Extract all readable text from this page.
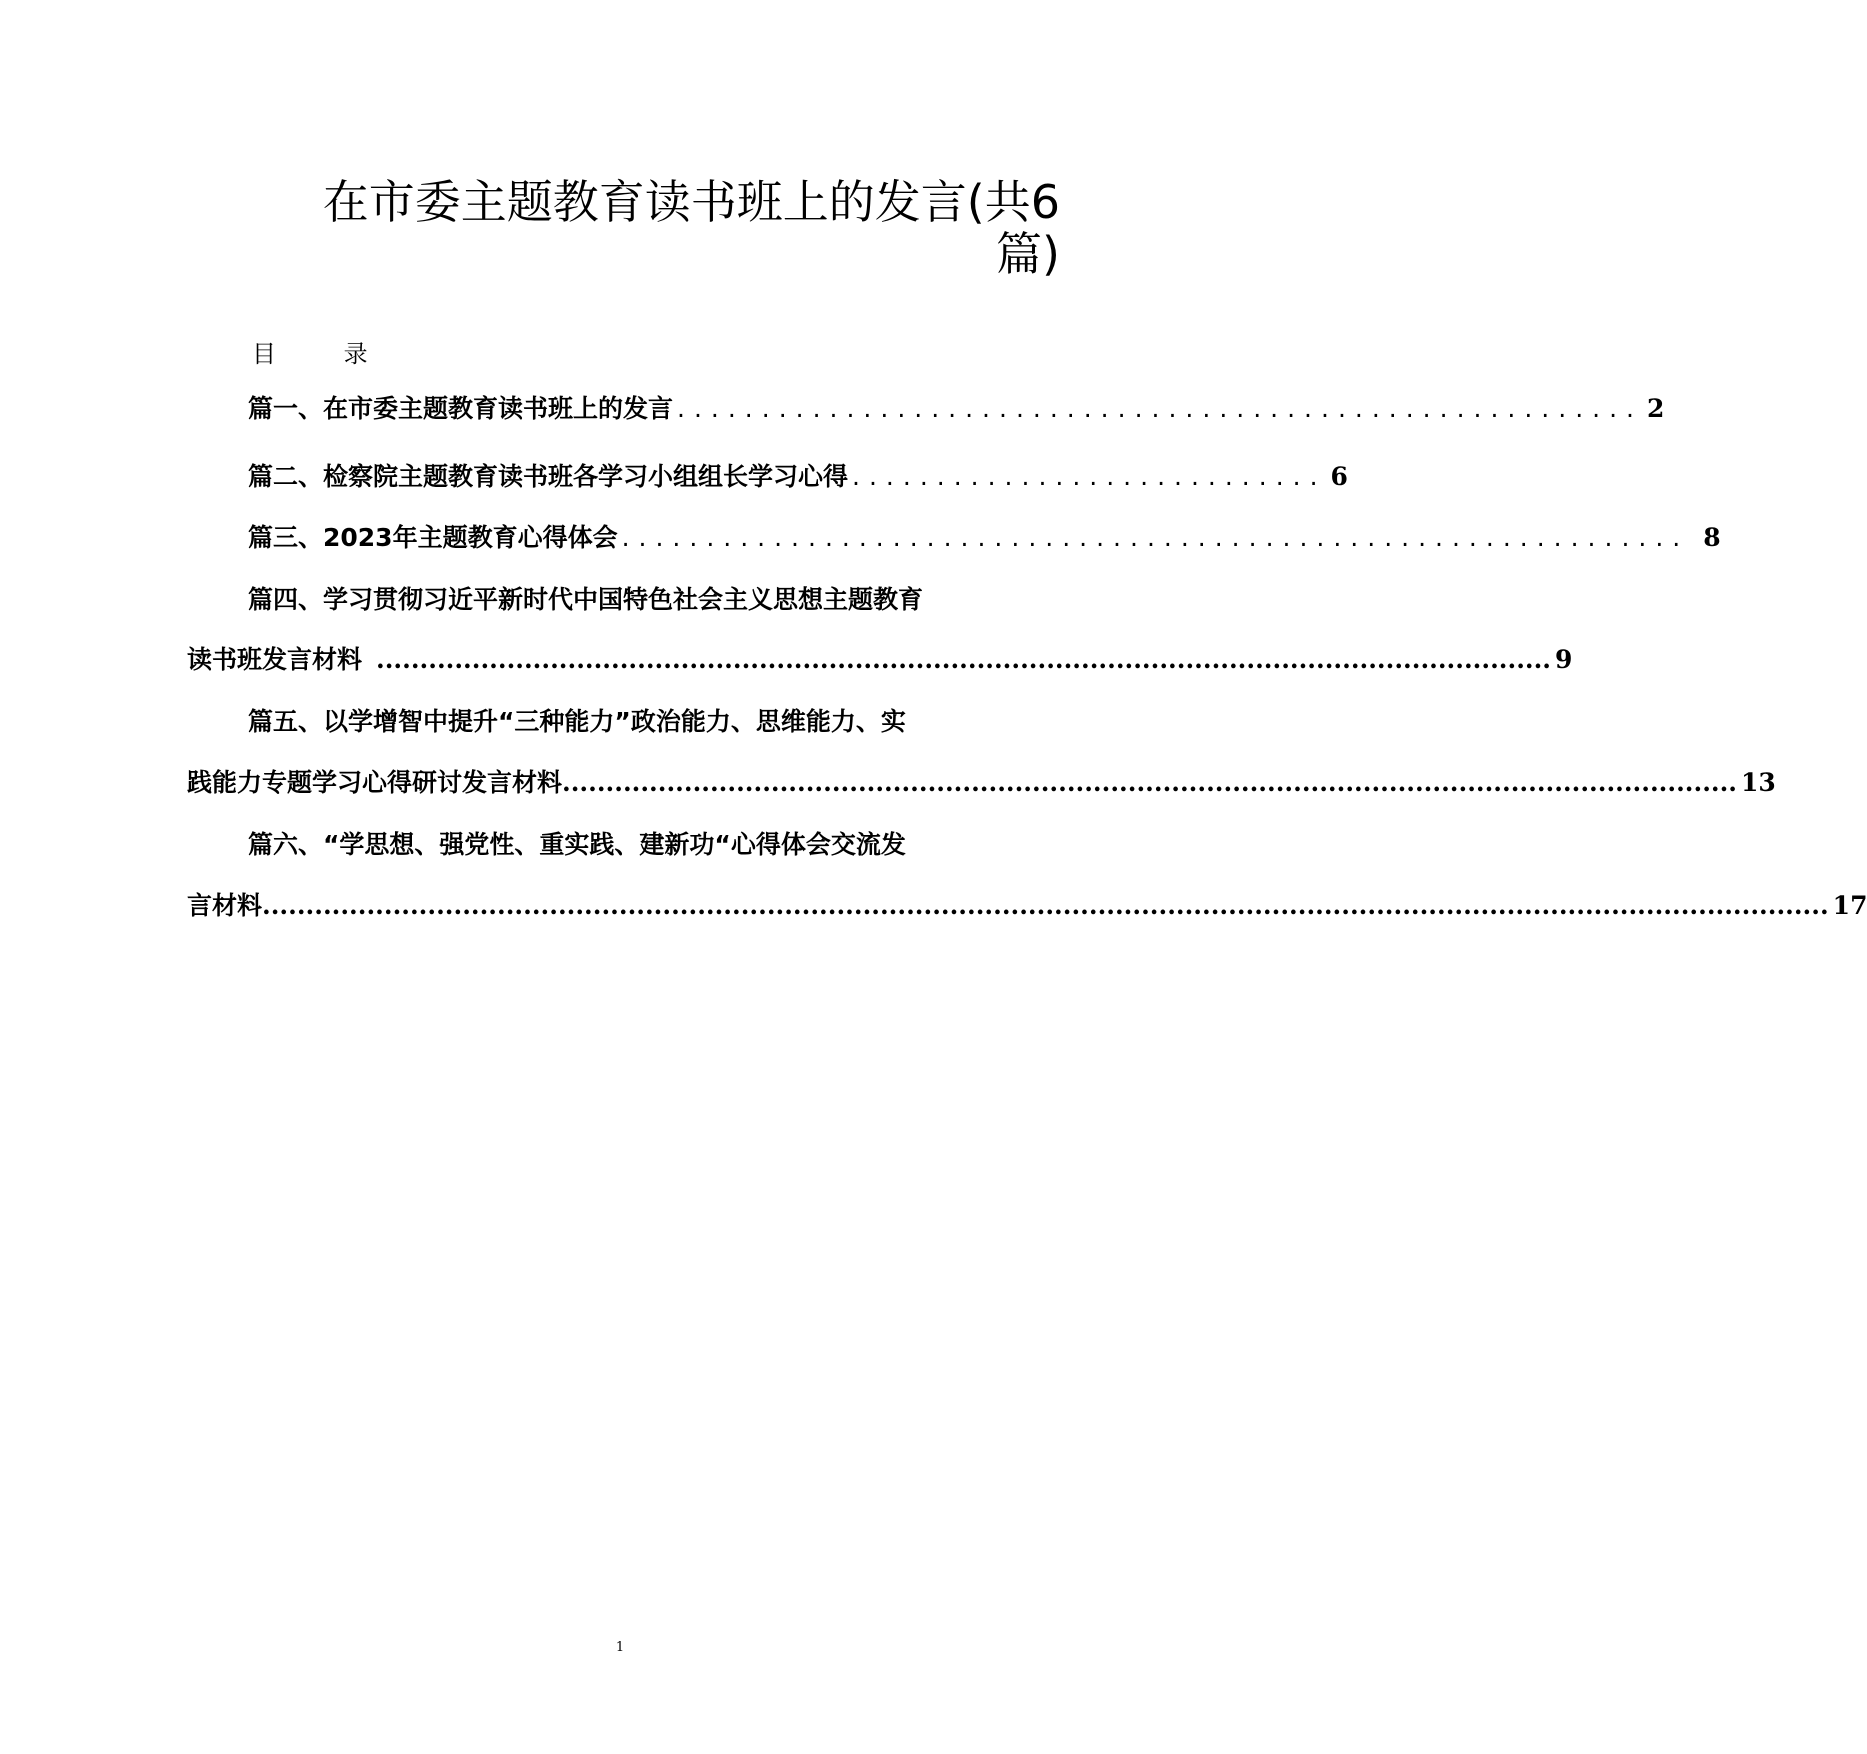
在市委主题教育读书班上的发言(共6
篇)
目 录
篇一、在市委主题教育读书班上的发言 ......................................................... 2
篇二、 检察院主题教育读书班各学习小组组长学习心得 ............................ 6
篇三、2023年主题教育心得体会 ............................................................... 8
篇四、学习贯彻习近平新时代中国特色社会主义思想主题教育
读书班发言材料 ....................................................................................................................................... 9
篇五、以学增智中提升“三种能力”政治能力、思维能力、实
践能力专题学习心得研讨发言材料 ....................................................................................................................................... 13
篇六、“学思想、强党性、重实践、建新功“心得体会交流发
言材料 .................................................................................................................................................................................... 17
1
